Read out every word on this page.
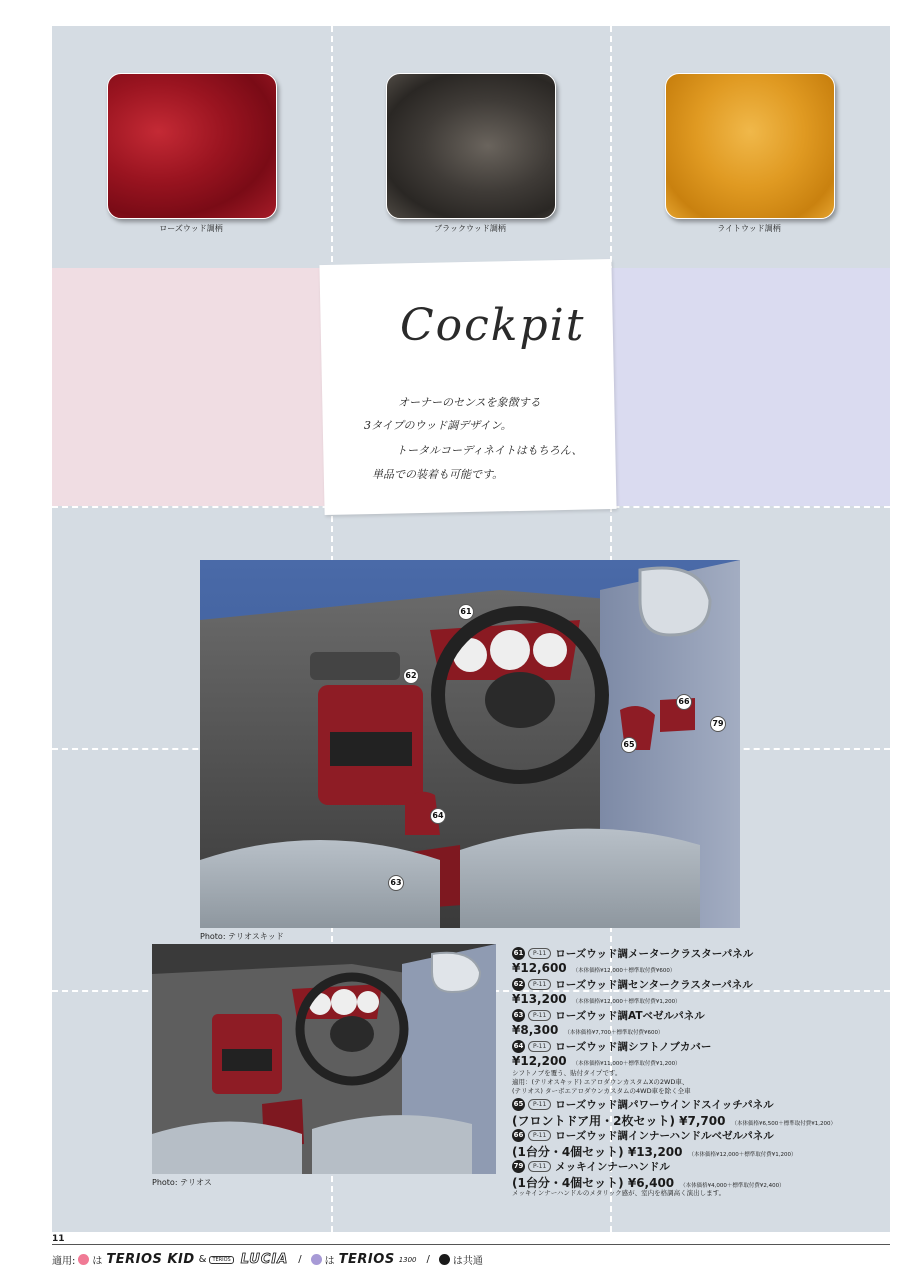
ローズウッド調柄	ブラックウッド調柄	ライトウッド調柄
Cockpit
オーナーのセンスを象徴する
3タイプのウッド調デザイン。
トータルコーディネイトはもちろん、
単品での装着も可能です。
61
62
63
64
65
66
79
Photo: テリオスキッド
Photo: テリオス
61	P-11 ローズウッド調メータークラスターパネル
¥12,600 （本体価格¥12,000＋標準取付費¥600）
62	P-11 ローズウッド調センタークラスターパネル
¥13,200 （本体価格¥12,000＋標準取付費¥1,200）
63	P-11 ローズウッド調ATベゼルパネル
¥8,300 （本体価格¥7,700＋標準取付費¥600）
64	P-11 ローズウッド調シフトノブカバー
¥12,200 （本体価格¥11,000＋標準取付費¥1,200）
シフトノブを覆う、貼付タイプです。
適用：(テリオスキッド) エアロダウンカスタムXの2WD車、
(テリオス) ターボエアロダウンカスタムの4WD車を除く全車
65	P-11 ローズウッド調パワーウインドスイッチパネル
(フロントドア用・2枚セット) ¥7,700 （本体価格¥6,500＋標準取付費¥1,200）
66	P-11 ローズウッド調インナーハンドルベゼルパネル
(1台分・4個セット) ¥13,200 （本体価格¥12,000＋標準取付費¥1,200）
79	P-11 メッキインナーハンドル
(1台分・4個セット) ¥6,400 （本体価格¥4,000＋標準取付費¥2,400）
メッキインナーハンドルのメタリック感が、室内を格調高く演出します。
11
適用: は TERIOS KID &	TERIOS LUCIA / は TERIOS 1300 / は共通
